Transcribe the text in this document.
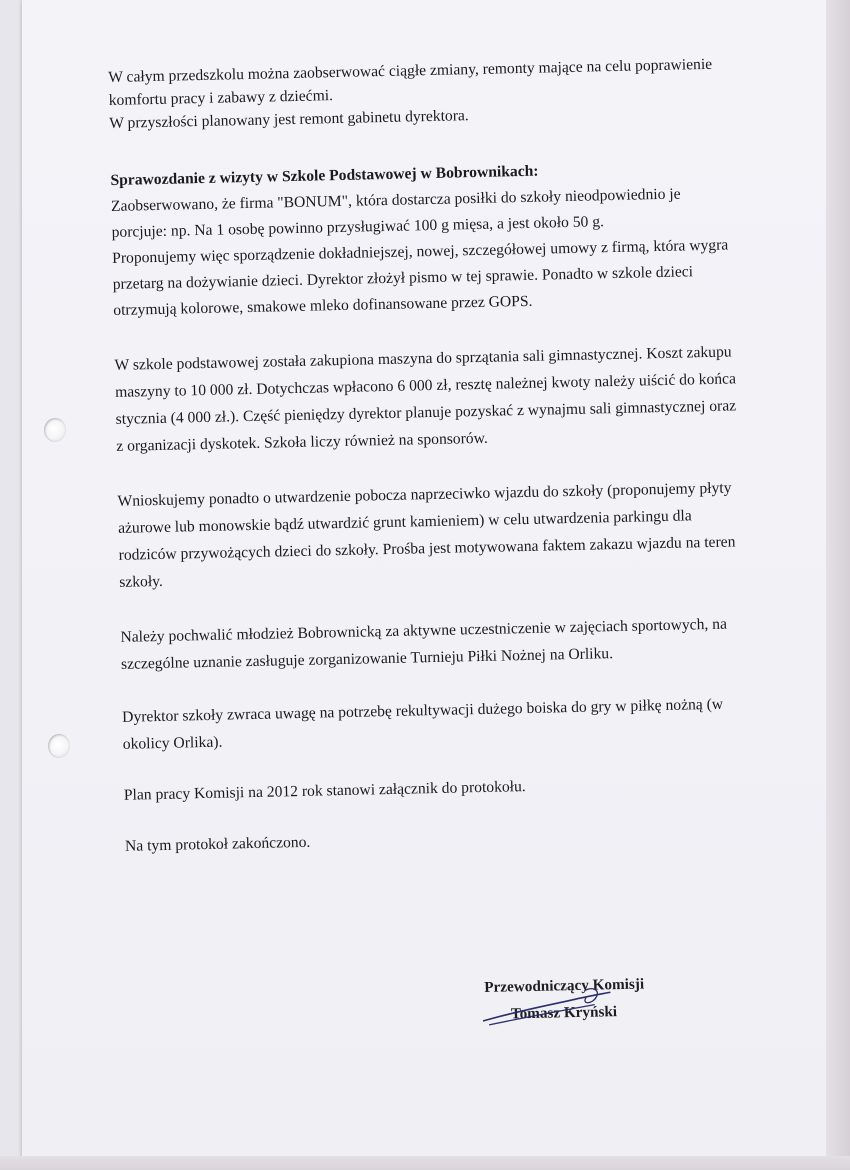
W całym przedszkolu można zaobserwować ciągłe zmiany, remonty mające na celu poprawienie

komfortu pracy i zabawy z dziećmi.

W przyszłości planowany jest remont gabinetu dyrektora.

Sprawozdanie z wizyty w Szkole Podstawowej w Bobrownikach:

Zaobserwowano, że firma "BONUM", która dostarcza posiłki do szkoły nieodpowiednio je

porcjuje: np. Na 1 osobę powinno przysługiwać 100 g mięsa, a jest około 50 g.

Proponujemy więc sporządzenie dokładniejszej, nowej, szczegółowej umowy z firmą, która wygra

przetarg na dożywianie dzieci. Dyrektor złożył pismo w tej sprawie. Ponadto w szkole dzieci

otrzymują kolorowe, smakowe mleko dofinansowane przez GOPS.

W szkole podstawowej została zakupiona maszyna do sprzątania sali gimnastycznej. Koszt zakupu

maszyny to 10 000 zł. Dotychczas wpłacono 6 000 zł, resztę należnej kwoty należy uiścić do końca

stycznia (4 000 zł.). Część pieniędzy dyrektor planuje pozyskać z wynajmu sali gimnastycznej oraz

z organizacji dyskotek. Szkoła liczy również na sponsorów.

Wnioskujemy ponadto o utwardzenie pobocza naprzeciwko wjazdu do szkoły (proponujemy płyty

ażurowe lub monowskie bądź utwardzić grunt kamieniem) w celu utwardzenia parkingu dla

rodziców przywożących dzieci do szkoły. Prośba jest motywowana faktem zakazu wjazdu na teren

szkoły.

Należy pochwalić młodzież Bobrownicką za aktywne uczestniczenie w zajęciach sportowych, na

szczególne uznanie zasługuje zorganizowanie Turnieju Piłki Nożnej na Orliku.

Dyrektor szkoły zwraca uwagę na potrzebę rekultywacji dużego boiska do gry w piłkę nożną (w

okolicy Orlika).

Plan pracy Komisji na 2012 rok stanowi załącznik do protokołu.

Na tym protokoł zakończono.

Przewodniczący Komisji
Tomasz Kryński
